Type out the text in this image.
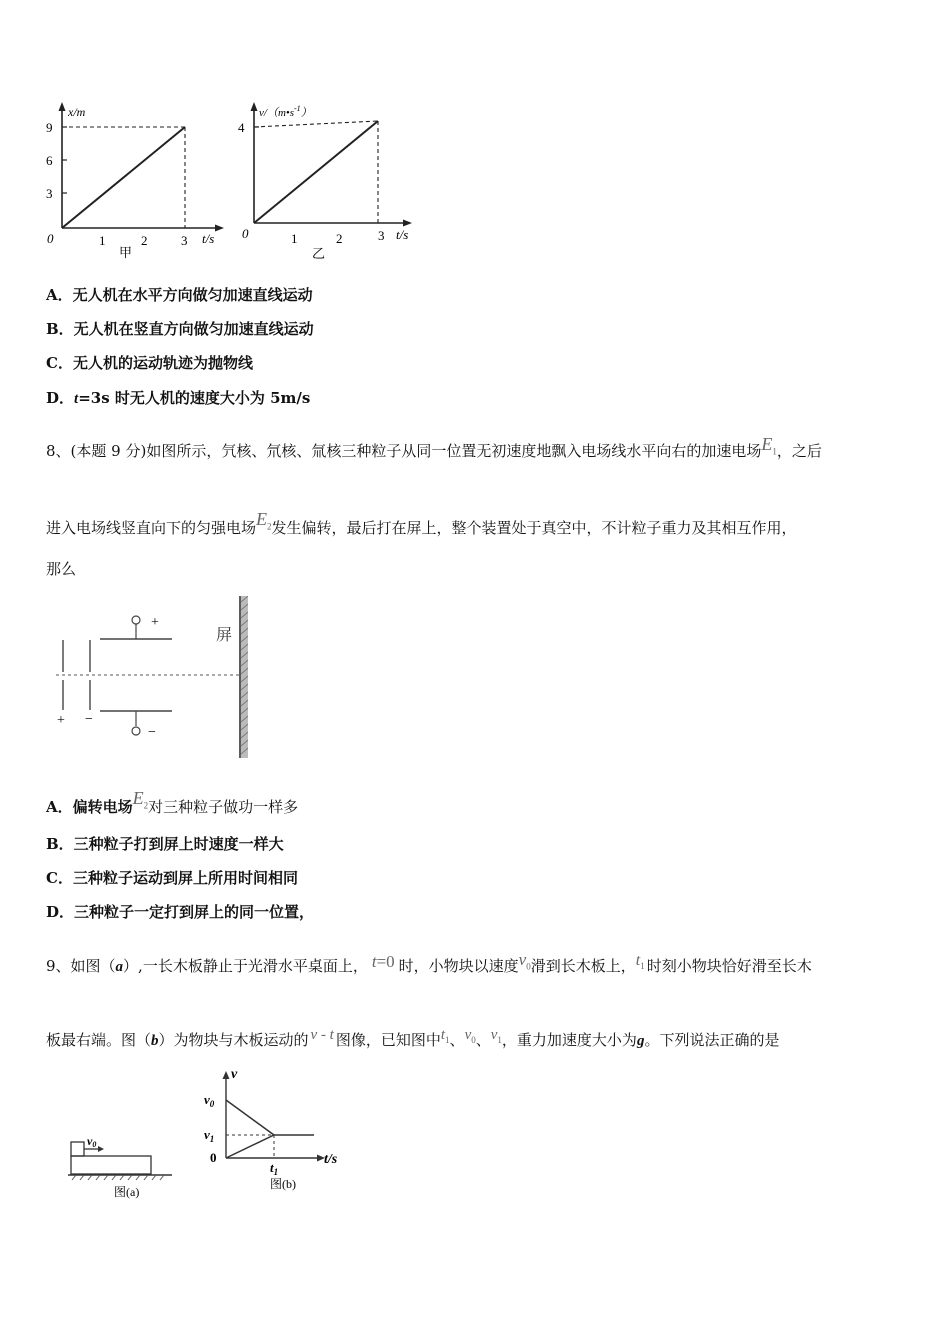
x/m
9
6
3
0	1	2	3 t/s
甲
$v/(m•s^{-1})$
4
0	1	2	3 t/s
乙
A．无人机在水平方向做匀加速直线运动
B．无人机在竖直方向做匀加速直线运动
C．无人机的运动轨迹为抛物线
D．t=3s 时无人机的速度大小为 5m/s
8、(本题 9 分)如图所示，氕核、氘核、氚核三种粒子从同一位置无初速度地飘入电场线水平向右的加速电场$E_1$，之后
进入电场线竖直向下的匀强电场$E_2$发生偏转，最后打在屏上，整个装置处于真空中，不计粒子重力及其相互作用，
那么
+ −
+
−
屏
A．偏转电场$E_2$对三种粒子做功一样多
B．三种粒子打到屏上时速度一样大
C．三种粒子运动到屏上所用时间相同
D．三种粒子一定打到屏上的同一位置，
9、如图（a）,一长木板静止于光滑水平桌面上， t=0 时，小物块以速度$v_0$滑到长木板上，$t_1$ 时刻小物块恰好滑至长木
板最右端。图（b）为物块与木板运动的 v - t 图像，已知图中$t_1$、$v_0$、$v_1$，重力加速度大小为g。下列说法正确的是
v0
图(a)
v
$v_0$
$v_1$
0
$t_1$
t/s
图(b)
